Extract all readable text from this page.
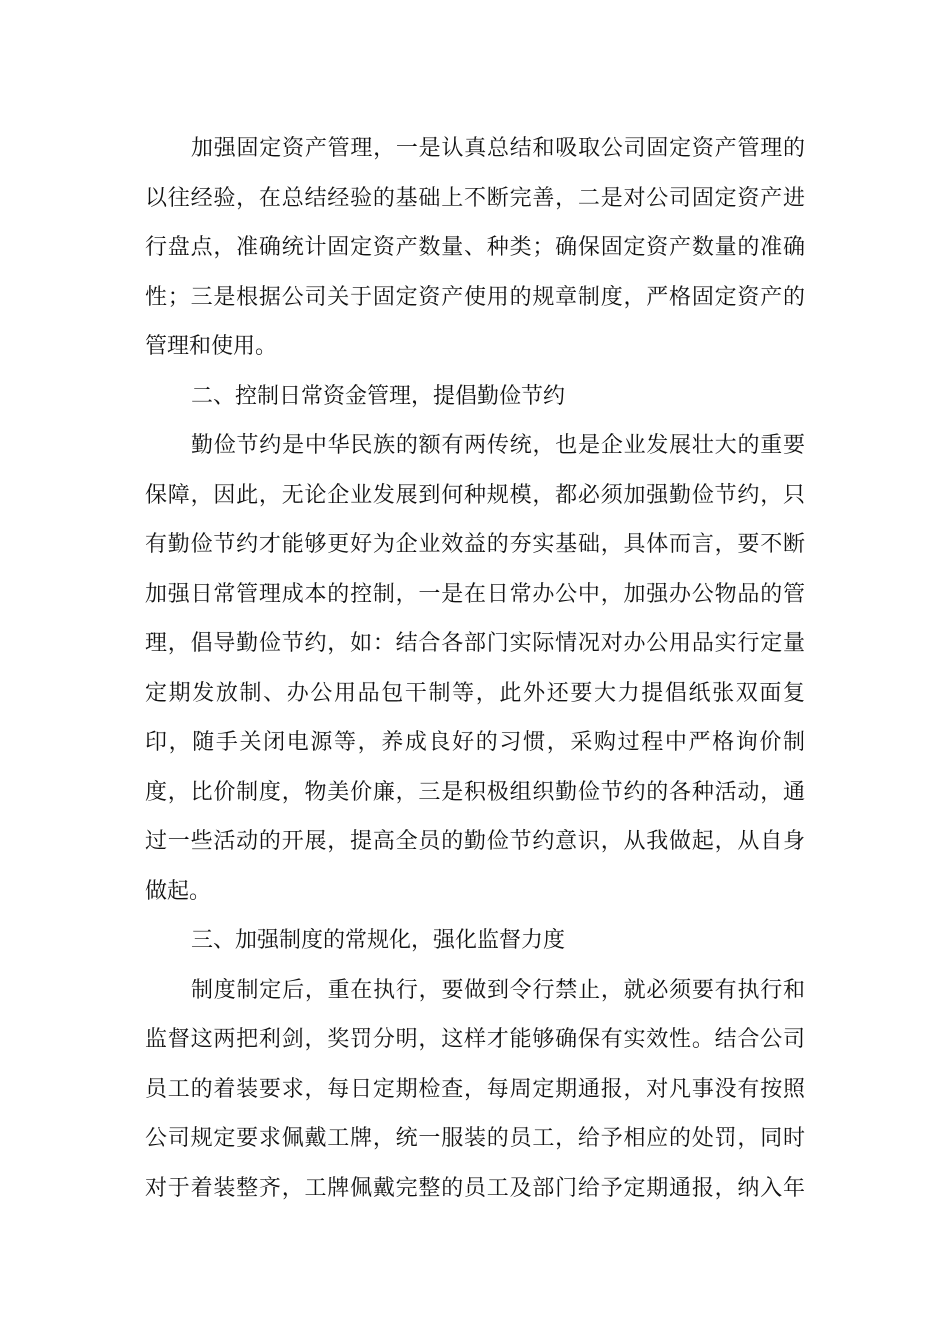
加强固定资产管理，一是认真总结和吸取公司固定资产管理的
以往经验，在总结经验的基础上不断完善，二是对公司固定资产进
行盘点，准确统计固定资产数量、种类；确保固定资产数量的准确
性；三是根据公司关于固定资产使用的规章制度，严格固定资产的
管理和使用。
二、控制日常资金管理，提倡勤俭节约
勤俭节约是中华民族的额有两传统，也是企业发展壮大的重要
保障，因此，无论企业发展到何种规模，都必须加强勤俭节约，只
有勤俭节约才能够更好为企业效益的夯实基础，具体而言，要不断
加强日常管理成本的控制，一是在日常办公中，加强办公物品的管
理，倡导勤俭节约，如：结合各部门实际情况对办公用品实行定量
定期发放制、办公用品包干制等，此外还要大力提倡纸张双面复
印，随手关闭电源等，养成良好的习惯，采购过程中严格询价制
度，比价制度，物美价廉，三是积极组织勤俭节约的各种活动，通
过一些活动的开展，提高全员的勤俭节约意识，从我做起，从自身
做起。
三、加强制度的常规化，强化监督力度
制度制定后，重在执行，要做到令行禁止，就必须要有执行和
监督这两把利剑，奖罚分明，这样才能够确保有实效性。结合公司
员工的着装要求，每日定期检查，每周定期通报，对凡事没有按照
公司规定要求佩戴工牌，统一服装的员工，给予相应的处罚，同时
对于着装整齐，工牌佩戴完整的员工及部门给予定期通报，纳入年
